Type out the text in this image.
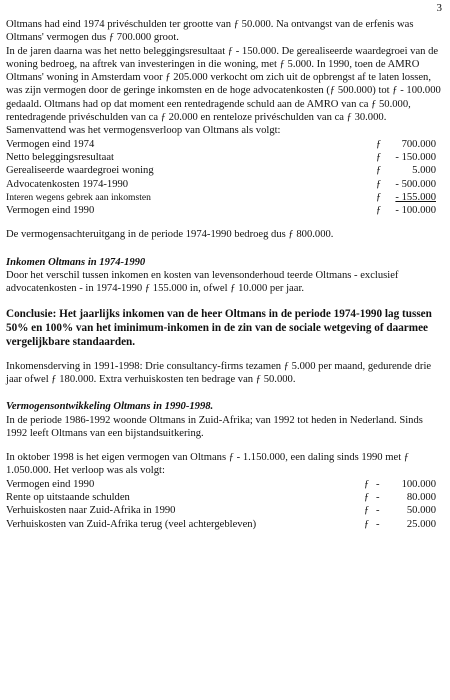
3

Oltmans had eind 1974 privéschulden ter grootte van ƒ 50.000. Na ontvangst van de erfenis was Oltmans' vermogen dus ƒ 700.000 groot.

In de jaren daarna was het netto beleggingsresultaat ƒ - 150.000. De gerealiseerde waardegroei van de woning bedroeg, na aftrek van investeringen in die woning, met ƒ 5.000. In 1990, toen de AMRO Oltmans' woning in Amsterdam voor ƒ 205.000 verkocht om zich uit de opbrengst af te laten lossen, was zijn vermogen door de geringe inkomsten en de hoge advocatenkosten (ƒ 500.000) tot ƒ - 100.000 gedaald. Oltmans had op dat moment een rentedragende schuld aan de AMRO van ca ƒ 50.000, rentedragende privéschulden van ca ƒ 20.000 en renteloze privéschulden van ca ƒ 30.000. Samenvattend was het vermogensverloop van Oltmans als volgt:

Vermogen eind 1974	ƒ	700.000
Netto beleggingsresultaat	ƒ	- 150.000
Gerealiseerde waardegroei woning	ƒ	5.000
Advocatenkosten 1974-1990	ƒ	- 500.000
Interen wegens gebrek aan inkomsten	ƒ	- 155.000
Vermogen eind 1990	ƒ	- 100.000

De vermogensachteruitgang in de periode 1974-1990 bedroeg dus ƒ 800.000.

Inkomen Oltmans in 1974-1990

Door het verschil tussen inkomen en kosten van levensonderhoud teerde Oltmans - exclusief advocatenkosten - in 1974-1990 ƒ 155.000 in, ofwel ƒ 10.000 per jaar.

Conclusie: Het jaarlijks inkomen van de heer Oltmans in de periode 1974-1990 lag tussen 50% en 100% van het iminimum-inkomen in de zin van de sociale wetgeving of daarmee vergelijkbare standaarden.

Inkomensderving in 1991-1998: Drie consultancy-firms tezamen ƒ 5.000 per maand, gedurende drie jaar ofwel ƒ 180.000. Extra verhuiskosten ten bedrage van ƒ 50.000.

Vermogensontwikkeling Oltmans in 1990-1998.

In de periode 1986-1992 woonde Oltmans in Zuid-Afrika; van 1992 tot heden in Nederland. Sinds 1992 leeft Oltmans van een bijstandsuitkering.

In oktober 1998 is het eigen vermogen van Oltmans ƒ - 1.150.000, een daling sinds 1990 met ƒ 1.050.000. Het verloop was als volgt:

Vermogen eind 1990	ƒ -	100.000
Rente op uitstaande schulden	ƒ -	80.000
Verhuiskosten naar Zuid-Afrika in 1990	ƒ -	50.000
Verhuiskosten van Zuid-Afrika terug (veel achtergebleven)	ƒ -	25.000
